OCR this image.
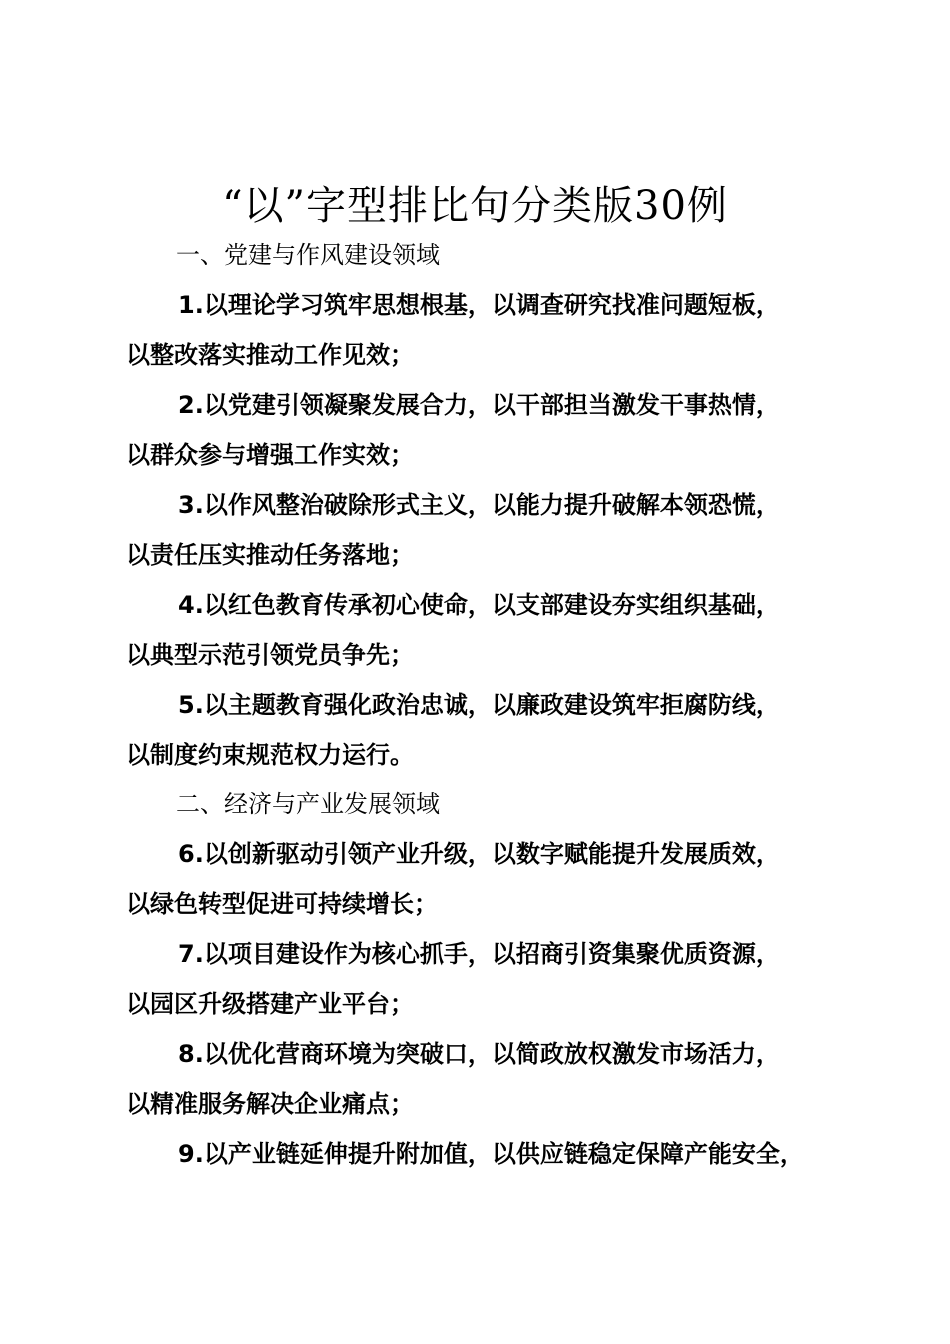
“以”字型排比句分类版30例
一、党建与作风建设领域
1.以理论学习筑牢思想根基，以调查研究找准问题短板，
以整改落实推动工作见效；
2.以党建引领凝聚发展合力，以干部担当激发干事热情，
以群众参与增强工作实效；
3.以作风整治破除形式主义，以能力提升破解本领恐慌，
以责任压实推动任务落地；
4.以红色教育传承初心使命，以支部建设夯实组织基础，
以典型示范引领党员争先；
5.以主题教育强化政治忠诚，以廉政建设筑牢拒腐防线，
以制度约束规范权力运行。
二、经济与产业发展领域
6.以创新驱动引领产业升级，以数字赋能提升发展质效，
以绿色转型促进可持续增长；
7.以项目建设作为核心抓手，以招商引资集聚优质资源，
以园区升级搭建产业平台；
8.以优化营商环境为突破口，以简政放权激发市场活力，
以精准服务解决企业痛点；
9.以产业链延伸提升附加值，以供应链稳定保障产能安全，
